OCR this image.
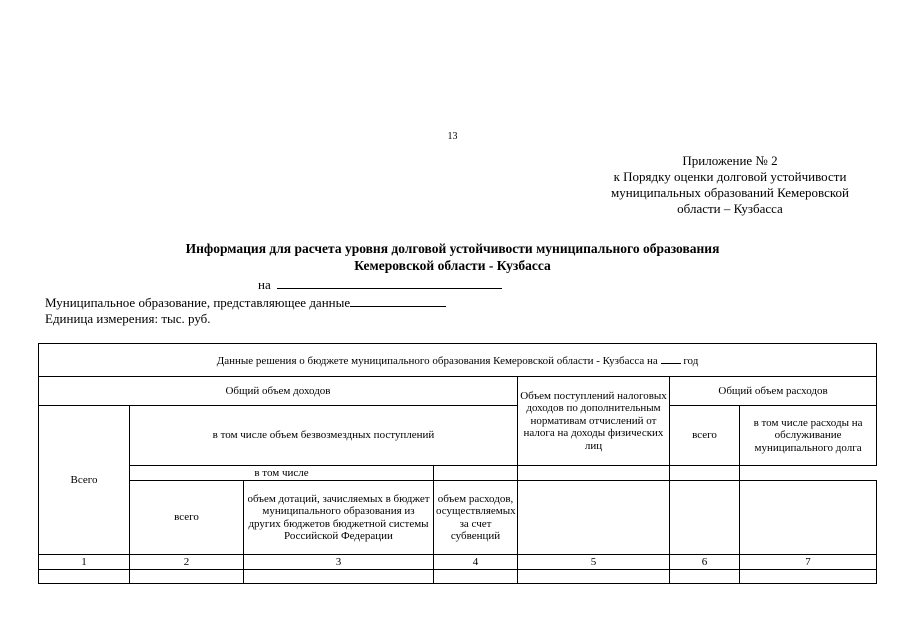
13
Приложение № 2
к Порядку оценки долговой устойчивости
муниципальных образований Кемеровской
области – Кузбасса
Информация для расчета уровня долговой устойчивости муниципального образования
Кемеровской области - Кузбасса
на
Муниципальное образование, представляющее данные
Единица измерения: тыс. руб.
Данные решения о бюджете муниципального образования Кемеровской области - Кузбасса на год						
Общий объем доходов				Объем поступлений налоговых доходов по дополнительным нормативам отчислений от налога на доходы физических лиц	Общий объем расходов	
Всего	в том числе объем безвозмездных поступлений				всего	в том числе расходы на обслуживание муниципального долга
	в том числе					
	всего	объем дотаций, зачисляемых в бюджет муниципального образования из других бюджетов бюджетной системы Российской Федерации	объем расходов, осуществляемых за счет субвенций			
1	2	3	4	5	6	7
